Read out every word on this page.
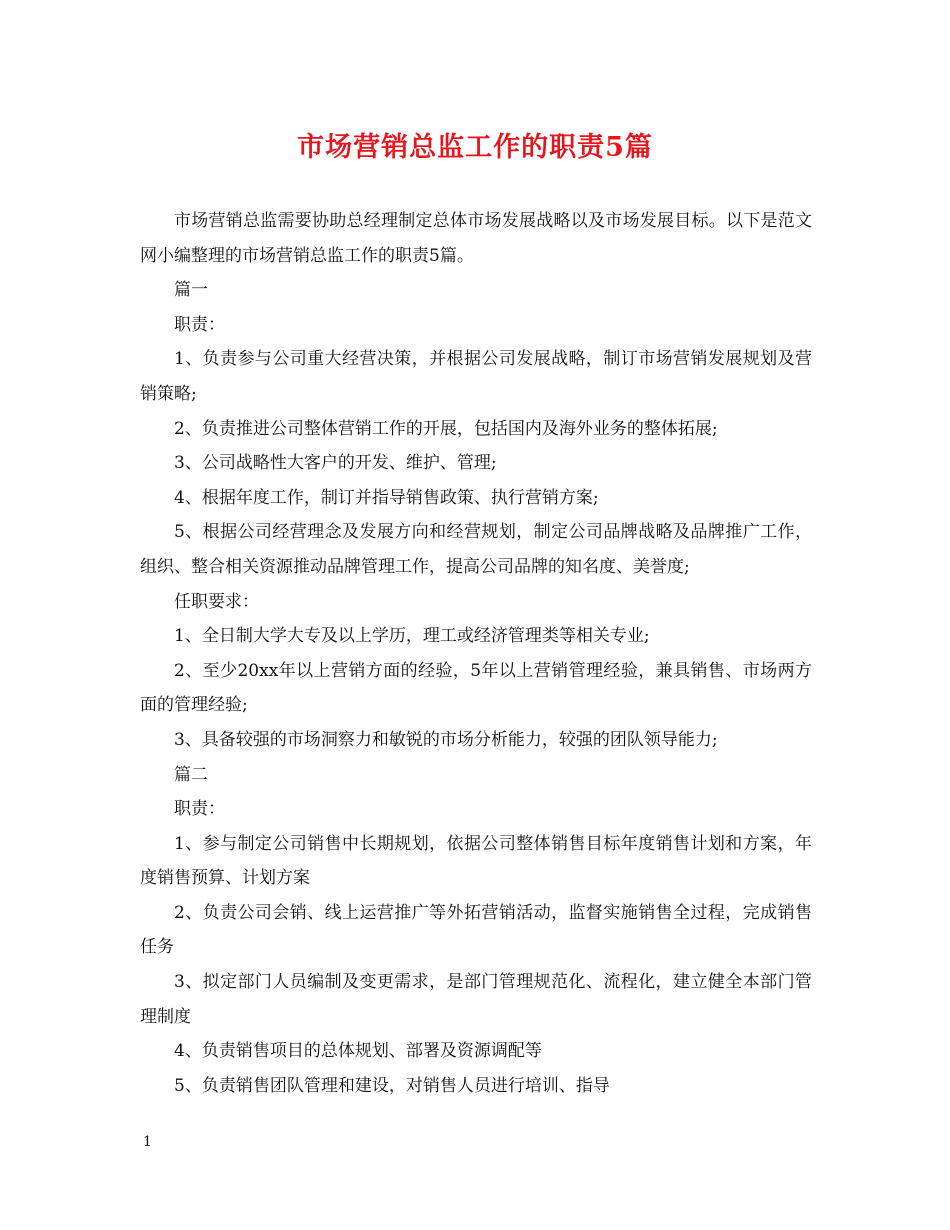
市场营销总监工作的职责5篇

市场营销总监需要协助总经理制定总体市场发展战略以及市场发展目标。以下是范文网小编整理的市场营销总监工作的职责5篇。

篇一

职责：

1、负责参与公司重大经营决策，并根据公司发展战略，制订市场营销发展规划及营销策略;

2、负责推进公司整体营销工作的开展，包括国内及海外业务的整体拓展;

3、公司战略性大客户的开发、维护、管理;

4、根据年度工作，制订并指导销售政策、执行营销方案;

5、根据公司经营理念及发展方向和经营规划，制定公司品牌战略及品牌推广工作，组织、整合相关资源推动品牌管理工作，提高公司品牌的知名度、美誉度;

任职要求：

1、全日制大学大专及以上学历，理工或经济管理类等相关专业;

2、至少20xx年以上营销方面的经验，5年以上营销管理经验，兼具销售、市场两方面的管理经验;

3、具备较强的市场洞察力和敏锐的市场分析能力，较强的团队领导能力;

篇二

职责：

1、参与制定公司销售中长期规划，依据公司整体销售目标年度销售计划和方案，年度销售预算、计划方案

2、负责公司会销、线上运营推广等外拓营销活动，监督实施销售全过程，完成销售任务

3、拟定部门人员编制及变更需求，是部门管理规范化、流程化，建立健全本部门管理制度

4、负责销售项目的总体规划、部署及资源调配等

5、负责销售团队管理和建设，对销售人员进行培训、指导

1
